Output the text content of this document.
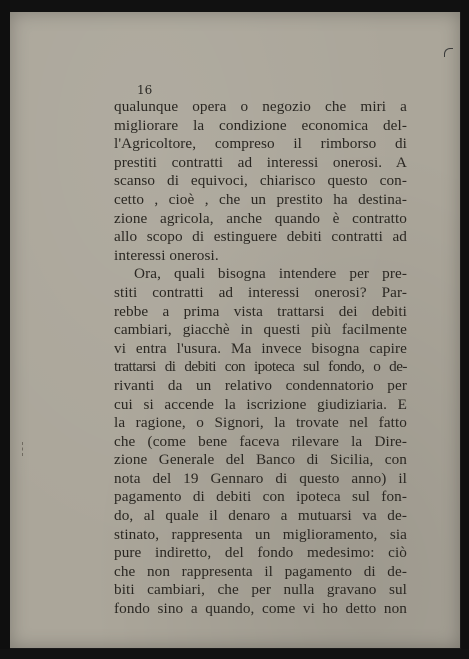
16
qualunque opera o negozio che miri a
migliorare la condizione economica del-
l'Agricoltore, compreso il rimborso di
prestiti contratti ad interessi onerosi. A
scanso di equivoci, chiarisco questo con-
cetto , cioè , che un prestito ha destina-
zione agricola, anche quando è contratto
allo scopo di estinguere debiti contratti ad
interessi onerosi.
Ora, quali bisogna intendere per pre-
stiti contratti ad interessi onerosi? Par-
rebbe a prima vista trattarsi dei debiti
cambiari, giacchè in questi più facilmente
vi entra l'usura. Ma invece bisogna capire
trattarsi di debiti con ipoteca sul fondo, o de-
rivanti da un relativo condennatorio per
cui si accende la iscrizione giudiziaria. E
la ragione, o Signori, la trovate nel fatto
che (come bene faceva rilevare la Dire-
zione Generale del Banco di Sicilia, con
nota del 19 Gennaro di questo anno) il
pagamento di debiti con ipoteca sul fon-
do, al quale il denaro a mutuarsi va de-
stinato, rappresenta un miglioramento, sia
pure indiretto, del fondo medesimo: ciò
che non rappresenta il pagamento di de-
biti cambiari, che per nulla gravano sul
fondo sino a quando, come vi ho detto non
